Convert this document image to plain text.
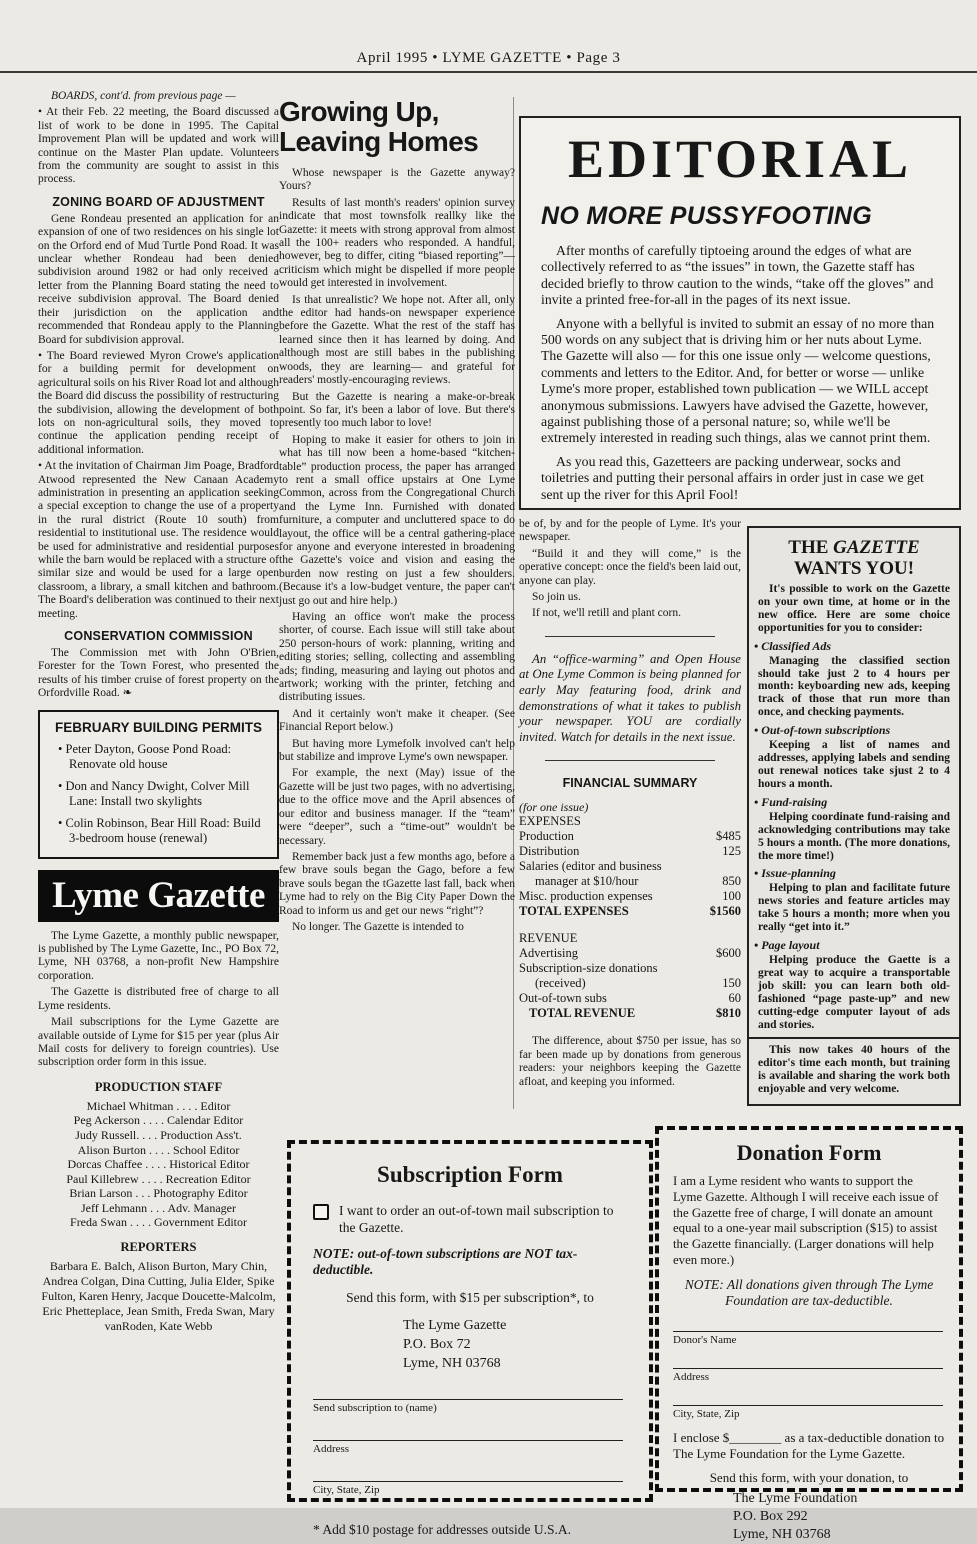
April 1995 • LYME GAZETTE • Page 3

BOARDS, cont'd. from previous page —

• At their Feb. 22 meeting, the Board discussed a list of work to be done in 1995. The Capital Improvement Plan will be updated and work will continue on the Master Plan update. Volunteers from the community are sought to assist in this process.

ZONING BOARD OF ADJUSTMENT

Gene Rondeau presented an application for an expansion of one of two residences on his single lot on the Orford end of Mud Turtle Pond Road. It was unclear whether Rondeau had been denied subdivision around 1982 or had only received a letter from the Planning Board stating the need to receive subdivision approval. The Board denied their jurisdiction on the application and recommended that Rondeau apply to the Planning Board for subdivision approval.

• The Board reviewed Myron Crowe's application for a building permit for development on agricultural soils on his River Road lot and although the Board did discuss the possibility of restructuring the subdivision, allowing the development of both lots on non-agricultural soils, they moved to continue the application pending receipt of additional information.

• At the invitation of Chairman Jim Poage, Bradford Atwood represented the New Canaan Academy administration in presenting an application seeking a special exception to change the use of a property in the rural district (Route 10 south) from residential to institutional use. The residence would be used for administrative and residential purposes while the barn would be replaced with a structure of similar size and would be used for a large open classroom, a library, a small kitchen and bathroom. The Board's deliberation was continued to their next meeting.

CONSERVATION COMMISSION

The Commission met with John O'Brien, Forester for the Town Forest, who presented the results of his timber cruise of forest property on the Orfordville Road. ❧

FEBRUARY BUILDING PERMITS
• Peter Dayton, Goose Pond Road: Renovate old house
• Don and Nancy Dwight, Colver Mill Lane: Install two skylights
• Colin Robinson, Bear Hill Road: Build 3-bedroom house (renewal)
Lyme Gazette

The Lyme Gazette, a monthly public newspaper, is published by The Lyme Gazette, Inc., PO Box 72, Lyme, NH 03768, a non-profit New Hampshire corporation.

The Gazette is distributed free of charge to all Lyme residents.

Mail subscriptions for the Lyme Gazette are available outside of Lyme for $15 per year (plus Air Mail costs for delivery to foreign countries). Use subscription order form in this issue.

PRODUCTION STAFF
Michael Whitman . . . . Editor
Peg Ackerson . . . . Calendar Editor
Judy Russell. . . . Production Ass't.
Alison Burton . . . . School Editor
Dorcas Chaffee . . . . Historical Editor
Paul Killebrew . . . . Recreation Editor
Brian Larson . . . Photography Editor
Jeff Lehmann . . . Adv. Manager
Freda Swan . . . . Government Editor
REPORTERS
Barbara E. Balch, Alison Burton, Mary Chin, Andrea Colgan, Dina Cutting, Julia Elder, Spike Fulton, Karen Henry, Jacque Doucette-Malcolm, Eric Phetteplace, Jean Smith, Freda Swan, Mary vanRoden, Kate Webb
Growing Up,
Leaving Homes

Whose newspaper is the Gazette anyway? Yours?

Results of last month's readers' opinion survey indicate that most townsfolk reallky like the Gazette: it meets with strong approval from almost all the 100+ readers who responded. A handful, however, beg to differ, citing “biased reporting”—criticism which might be dispelled if more people would get interested in involvement.

Is that unrealistic? We hope not. After all, only the editor had hands-on newspaper experience before the Gazette. What the rest of the staff has learned since then it has learned by doing. And although most are still babes in the publishing woods, they are learning— and grateful for readers' mostly-encouraging reviews.

But the Gazette is nearing a make-or-break point. So far, it's been a labor of love. But there's presently too much labor to love!

Hoping to make it easier for others to join in what has till now been a home-based “kitchen-table” production process, the paper has arranged to rent a small office upstairs at One Lyme Common, across from the Congregational Church and the Lyme Inn. Furnished with donated furniture, a computer and uncluttered space to do layout, the office will be a central gathering-place for anyone and everyone interested in broadening the Gazette's voice and vision and easing the burden now resting on just a few shoulders. (Because it's a low-budget venture, the paper can't just go out and hire help.)

Having an office won't make the process shorter, of course. Each issue will still take about 250 person-hours of work: planning, writing and editing stories; selling, collecting and assembling ads; finding, measuring and laying out photos and artwork; working with the printer, fetching and distributing issues.

And it certainly won't make it cheaper. (See Financial Report below.)

But having more Lymefolk involved can't help but stabilize and improve Lyme's own newspaper.

For example, the next (May) issue of the Gazette will be just two pages, with no advertising, due to the office move and the April absences of our editor and business manager. If the “team” were “deeper”, such a “time-out” wouldn't be necessary.

Remember back just a few months ago, before a few brave souls began the Gago, before a few brave souls began the tGazette last fall, back when Lyme had to rely on the Big City Paper Down the Road to inform us and get our news “right”?

No longer. The Gazette is intended to

EDITORIAL
NO MORE PUSSYFOOTING

After months of carefully tiptoeing around the edges of what are collectively referred to as “the issues” in town, the Gazette staff has decided briefly to throw caution to the winds, “take off the gloves” and invite a printed free-for-all in the pages of its next issue.

Anyone with a bellyful is invited to submit an essay of no more than 500 words on any subject that is driving him or her nuts about Lyme. The Gazette will also — for this one issue only — welcome questions, comments and letters to the Editor. And, for better or worse — unlike Lyme's more proper, established town publication — we WILL accept anonymous submissions. Lawyers have advised the Gazette, however, against publishing those of a personal nature; so, while we'll be extremely interested in reading such things, alas we cannot print them.

As you read this, Gazetteers are packing underwear, socks and toiletries and putting their personal affairs in order just in case we get sent up the river for this April Fool!

be of, by and for the people of Lyme. It's your newspaper.

“Build it and they will come,” is the operative concept: once the field's been laid out, anyone can play.

So join us.

If not, we'll retill and plant corn.

An “office-warming” and Open House at One Lyme Common is being planned for early May featuring food, drink and demonstrations of what it takes to publish your newspaper. YOU are cordially invited. Watch for details in the next issue.

FINANCIAL SUMMARY
(for one issue)
EXPENSES
Production	$485
Distribution	125
Salaries (editor and business
manager at $10/hour	850
Misc. production expenses	100
TOTAL EXPENSES	$1560
REVENUE
Advertising	$600
Subscription-size donations
(received)	150
Out-of-town subs	60
TOTAL REVENUE	$810

The difference, about $750 per issue, has so far been made up by donations from generous readers: your neighbors keeping the Gazette afloat, and keeping you informed.

THE GAZETTE
WANTS YOU!

It's possible to work on the Gazette on your own time, at home or in the new office. Here are some choice opportunities for you to consider:

• Classified Ads

Managing the classified section should take just 2 to 4 hours per month: keyboarding new ads, keeping track of those that run more than once, and checking payments.

• Out-of-town subscriptions

Keeping a list of names and addresses, applying labels and sending out renewal notices take sjust 2 to 4 hours a month.

• Fund-raising

Helping coordinate fund-raising and acknowledging contributions may take 5 hours a month. (The more donations, the more time!)

• Issue-planning

Helping to plan and facilitate future news stories and feature articles may take 5 hours a month; more when you really “get into it.”

• Page layout

Helping produce the Gaette is a great way to acquire a transportable job skill: you can learn both old-fashioned “page paste-up” and new cutting-edge computer layout of ads and stories.

This now takes 40 hours of the editor's time each month, but training is available and sharing the work both enjoyable and very welcome.

Subscription Form
I want to order an out-of-town mail subscription to the Gazette.
NOTE: out-of-town subscriptions are NOT tax-deductible.
Send this form, with $15 per subscription*, to
The Lyme Gazette
P.O. Box 72
Lyme, NH 03768
Send subscription to (name)
Address
City, State, Zip
* Add $10 postage for addresses outside U.S.A.
Donation Form
I am a Lyme resident who wants to support the Lyme Gazette. Although I will receive each issue of the Gazette free of charge, I will donate an amount equal to a one-year mail subscription ($15) to assist the Gazette financially. (Larger donations will help even more.)
NOTE: All donations given through The Lyme Foundation are tax-deductible.
Donor's Name
Address
City, State, Zip
I enclose $________ as a tax-deductible donation to The Lyme Foundation for the Lyme Gazette.
Send this form, with your donation, to
The Lyme Foundation
P.O. Box 292
Lyme, NH 03768
